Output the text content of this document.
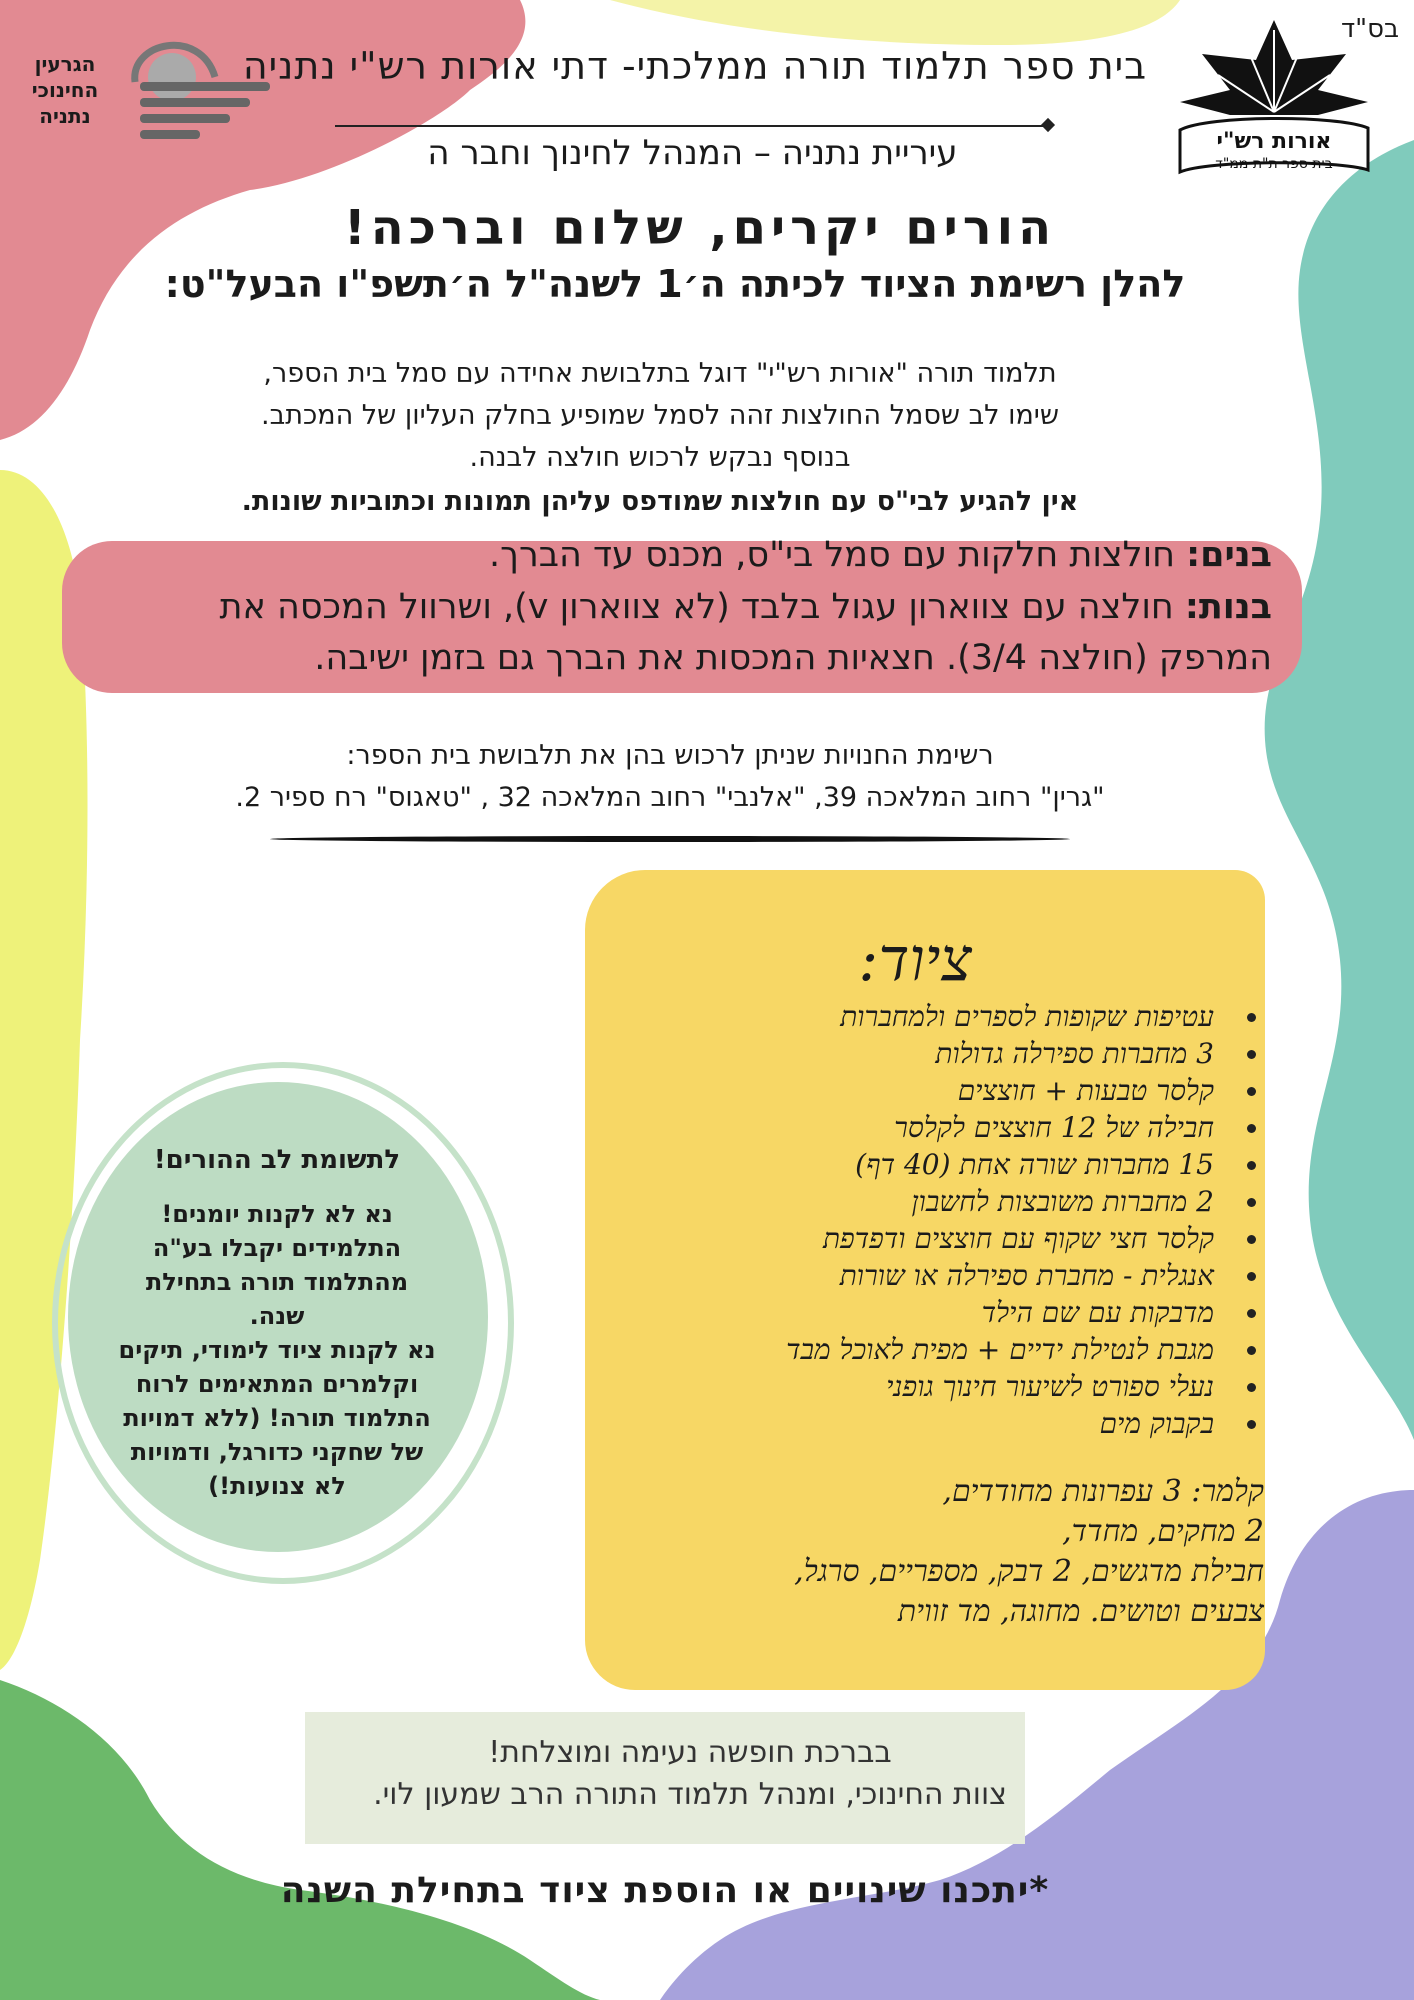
בס"ד
אורות רש"י
בית ספר ת"ת ממ"ד
הגרעין
החינוכי
נתניה
בית ספר תלמוד תורה ממלכתי- דתי אורות רש"י נתניה
עיריית נתניה – המנהל לחינוך וחבר ה
הורים יקרים, שלום וברכה!
להלן רשימת הציוד לכיתה ה׳1 לשנה"ל ה׳תשפ"ו הבעל"ט:
תלמוד תורה "אורות רש"י" דוגל בתלבושת אחידה עם סמל בית הספר,
שימו לב שסמל החולצות זהה לסמל שמופיע בחלק העליון של המכתב.
בנוסף נבקש לרכוש חולצה לבנה.
אין להגיע לבי"ס עם חולצות שמודפס עליהן תמונות וכתוביות שונות.
בנים: חולצות חלקות עם סמל בי"ס, מכנס עד הברך.
בנות: חולצה עם צווארון עגול בלבד (לא צווארון v), ושרוול המכסה את
המרפק (חולצה 3/4). חצאיות המכסות את הברך גם בזמן ישיבה.
רשימת החנויות שניתן לרכוש בהן את תלבושת בית הספר:
"גרין" רחוב המלאכה 39, "אלנבי" רחוב המלאכה 32 , "טאגוס" רח ספיר 2.
ציוד:
עטיפות שקופות לספרים ולמחברות
3 מחברות ספירלה גדולות
קלסר טבעות + חוצצים
חבילה של 12 חוצצים לקלסר
15 מחברות שורה אחת (40 דף)
2 מחברות משובצות לחשבון
קלסר חצי שקוף עם חוצצים ודפדפת
אנגלית - מחברת ספירלה או שורות
מדבקות עם שם הילד
מגבת לנטילת ידיים + מפית לאוכל מבד
נעלי ספורט לשיעור חינוך גופני
בקבוק מים
קלמר: 3 עפרונות מחודדים,
2 מחקים, מחדד,
חבילת מדגשים, 2 דבק, מספריים, סרגל,
צבעים וטושים. מחוגה, מד זווית
לתשומת לב ההורים!
נא לא לקנות יומנים!
התלמידים יקבלו בע"ה
מהתלמוד תורה בתחילת
שנה.
נא לקנות ציוד לימודי, תיקים
וקלמרים המתאימים לרוח
התלמוד תורה! (ללא דמויות
של שחקני כדורגל, ודמויות
לא צנועות!)
בברכת חופשה נעימה ומוצלחת!
צוות החינוכי, ומנהל תלמוד התורה הרב שמעון לוי.
*יתכנו שינויים או הוספת ציוד בתחילת השנה
